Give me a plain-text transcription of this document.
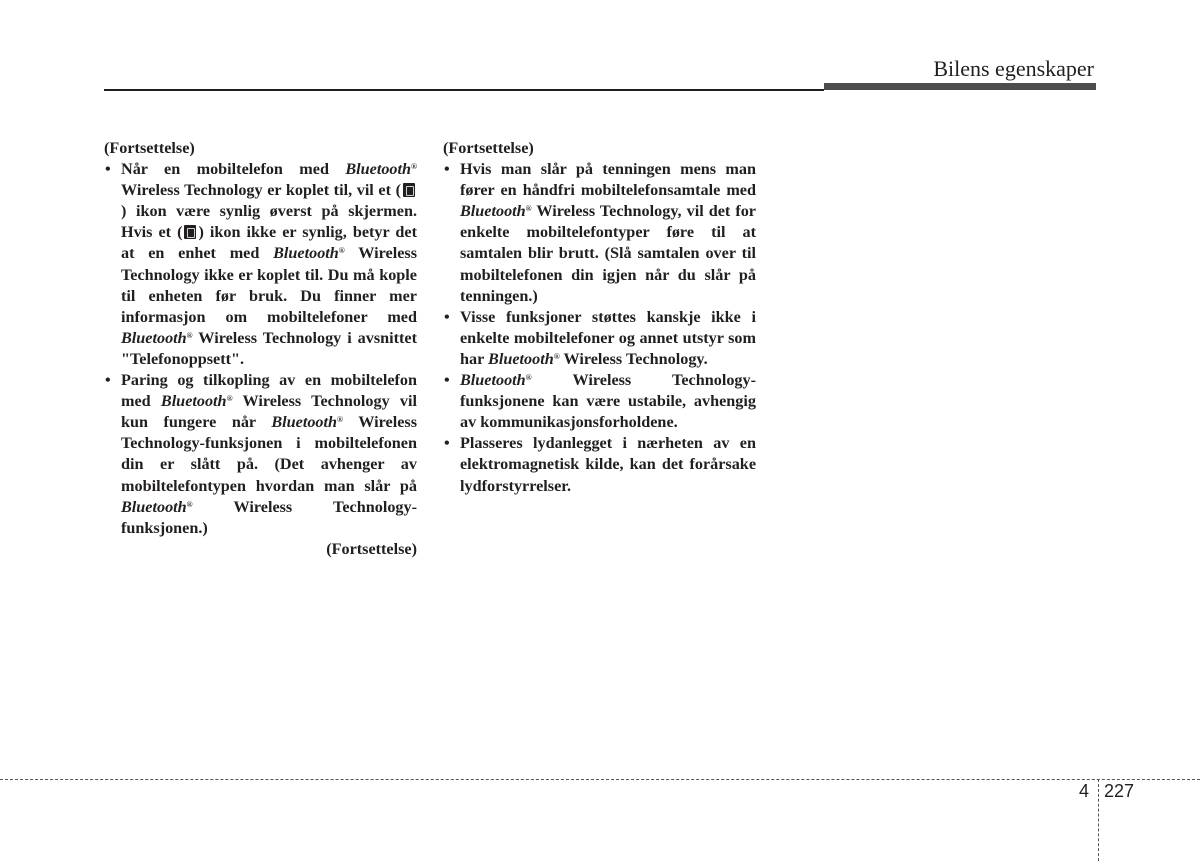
Bilens egenskaper

(Fortsettelse)

• Når en mobiltelefon med Bluetooth® Wireless Technology er koplet til, vil et () ikon være synlig øverst på skjermen. Hvis et ( ) ikon ikke er synlig, betyr det at en enhet med Bluetooth® Wireless Technology ikke er koplet til. Du må kople til enheten før bruk. Du finner mer informasjon om mobiltelefoner med Bluetooth® Wireless Technology i avsnittet "Telefonoppsett".
• Paring og tilkopling av en mobiltelefon med Bluetooth® Wireless Technology vil kun fungere når Bluetooth® Wireless Technology-funksjonen i mobiltelefonen din er slått på. (Det avhenger av mobiltelefontypen hvordan man slår på Bluetooth® Wireless Technology-funksjonen.)

(Fortsettelse)

(Fortsettelse)

• Hvis man slår på tenningen mens man fører en håndfri mobiltelefonsamtale med Bluetooth® Wireless Technology, vil det for enkelte mobiltelefontyper føre til at samtalen blir brutt. (Slå samtalen over til mobiltelefonen din igjen når du slår på tenningen.)
• Visse funksjoner støttes kanskje ikke i enkelte mobiltelefoner og annet utstyr som har Bluetooth® Wireless Technology.
• Bluetooth® Wireless Technology-funksjonene kan være ustabile, avhengig av kommunikasjonsforholdene.
• Plasseres lydanlegget i nærheten av en elektromagnetisk kilde, kan det forårsake lydforstyrrelser.
4 227
